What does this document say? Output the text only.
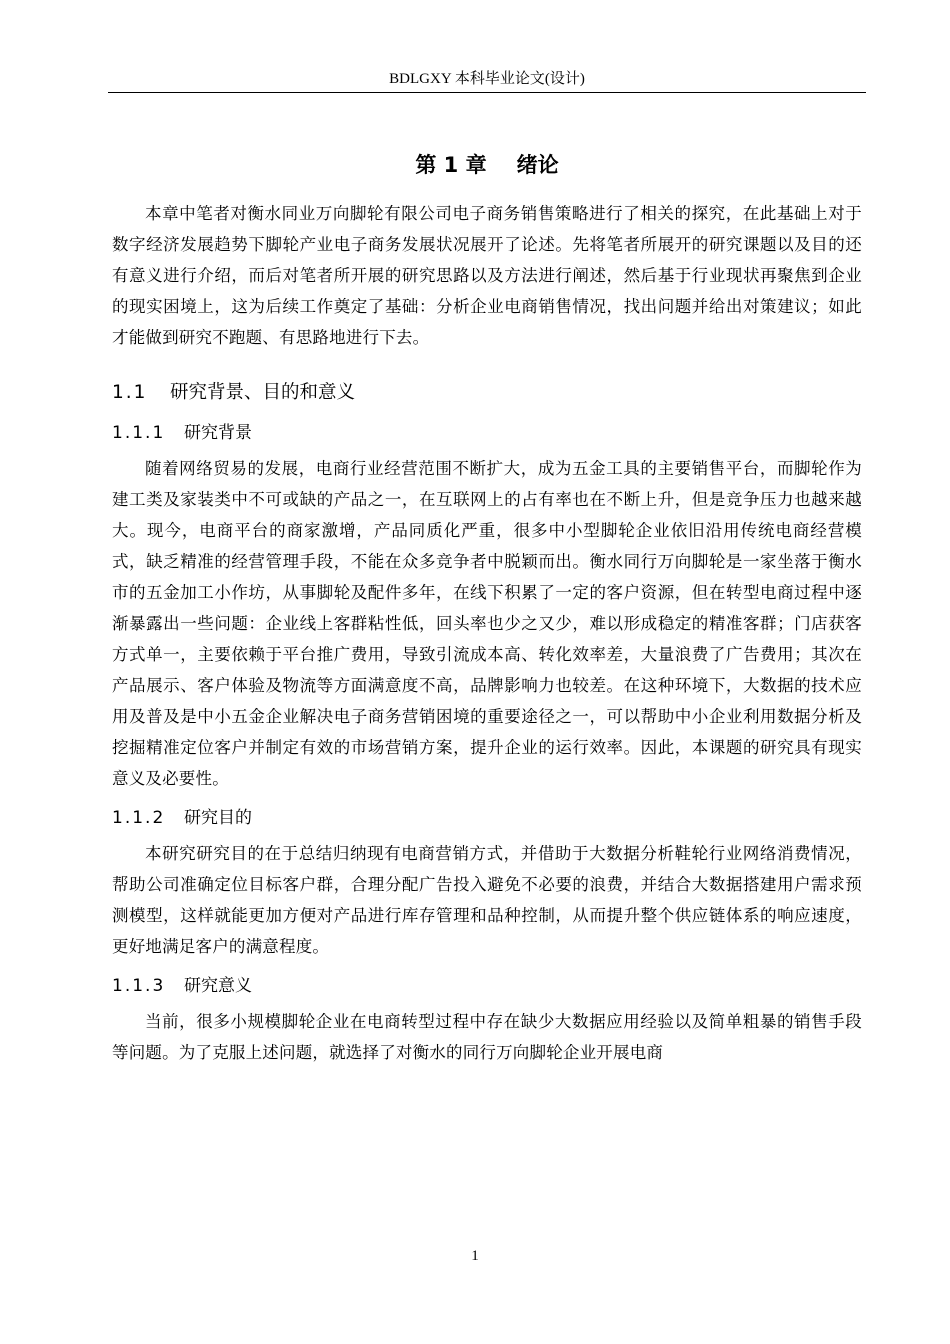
BDLGXY 本科毕业论文(设计)
第 1 章 绪论

本章中笔者对衡水同业万向脚轮有限公司电子商务销售策略进行了相关的探究，在此基础上对于数字经济发展趋势下脚轮产业电子商务发展状况展开了论述。先将笔者所展开的研究课题以及目的还有意义进行介绍，而后对笔者所开展的研究思路以及方法进行阐述，然后基于行业现状再聚焦到企业的现实困境上，这为后续工作奠定了基础：分析企业电商销售情况，找出问题并给出对策建议；如此才能做到研究不跑题、有思路地进行下去。

1.1 研究背景、目的和意义
1.1.1 研究背景

随着网络贸易的发展，电商行业经营范围不断扩大，成为五金工具的主要销售平台，而脚轮作为建工类及家装类中不可或缺的产品之一，在互联网上的占有率也在不断上升，但是竞争压力也越来越大。现今，电商平台的商家激增，产品同质化严重，很多中小型脚轮企业依旧沿用传统电商经营模式，缺乏精准的经营管理手段，不能在众多竞争者中脱颖而出。衡水同行万向脚轮是一家坐落于衡水市的五金加工小作坊，从事脚轮及配件多年，在线下积累了一定的客户资源，但在转型电商过程中逐渐暴露出一些问题：企业线上客群粘性低，回头率也少之又少，难以形成稳定的精准客群；门店获客方式单一，主要依赖于平台推广费用，导致引流成本高、转化效率差，大量浪费了广告费用；其次在产品展示、客户体验及物流等方面满意度不高，品牌影响力也较差。在这种环境下，大数据的技术应用及普及是中小五金企业解决电子商务营销困境的重要途径之一，可以帮助中小企业利用数据分析及挖掘精准定位客户并制定有效的市场营销方案，提升企业的运行效率。因此，本课题的研究具有现实意义及必要性。

1.1.2 研究目的

本研究研究目的在于总结归纳现有电商营销方式，并借助于大数据分析鞋轮行业网络消费情况，帮助公司准确定位目标客户群，合理分配广告投入避免不必要的浪费，并结合大数据搭建用户需求预测模型，这样就能更加方便对产品进行库存管理和品种控制，从而提升整个供应链体系的响应速度，更好地满足客户的满意程度。

1.1.3 研究意义

当前，很多小规模脚轮企业在电商转型过程中存在缺少大数据应用经验以及简单粗暴的销售手段等问题。为了克服上述问题，就选择了对衡水的同行万向脚轮企业开展电商

1
